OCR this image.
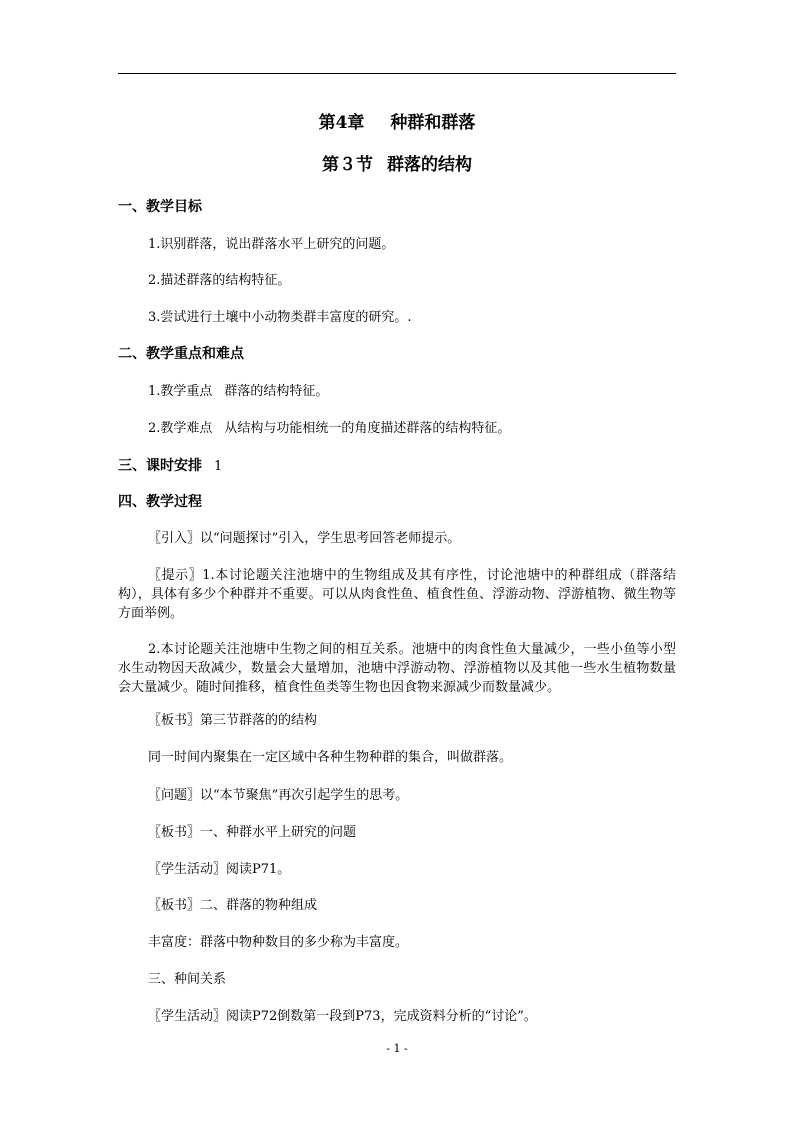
第4章 种群和群落
第３节 群落的结构
一、教学目标
1.识别群落，说出群落水平上研究的问题。
2.描述群落的结构特征。
3.尝试进行土壤中小动物类群丰富度的研究。.
二、教学重点和难点
1.教学重点 群落的结构特征。
2.教学难点 从结构与功能相统一的角度描述群落的结构特征。
三、课时安排 1
四、教学过程
〖引入〗以“问题探讨”引入，学生思考回答老师提示。
〖提示〗1.本讨论题关注池塘中的生物组成及其有序性，讨论池塘中的种群组成（群落结构），具体有多少个种群并不重要。可以从肉食性鱼、植食性鱼、浮游动物、浮游植物、微生物等方面举例。
2.本讨论题关注池塘中生物之间的相互关系。池塘中的肉食性鱼大量减少，一些小鱼等小型水生动物因天敌减少，数量会大量增加，池塘中浮游动物、浮游植物以及其他一些水生植物数量会大量减少。随时间推移，植食性鱼类等生物也因食物来源减少而数量减少。
〖板书〗第三节群落的的结构
同一时间内聚集在一定区域中各种生物种群的集合，叫做群落。
〖问题〗以“本节聚焦”再次引起学生的思考。
〖板书〗一、种群水平上研究的问题
〖学生活动〗阅读P71。
〖板书〗二、群落的物种组成
丰富度：群落中物种数目的多少称为丰富度。
三、种间关系
〖学生活动〗阅读P72倒数第一段到P73，完成资料分析的“讨论”。
- 1 -
